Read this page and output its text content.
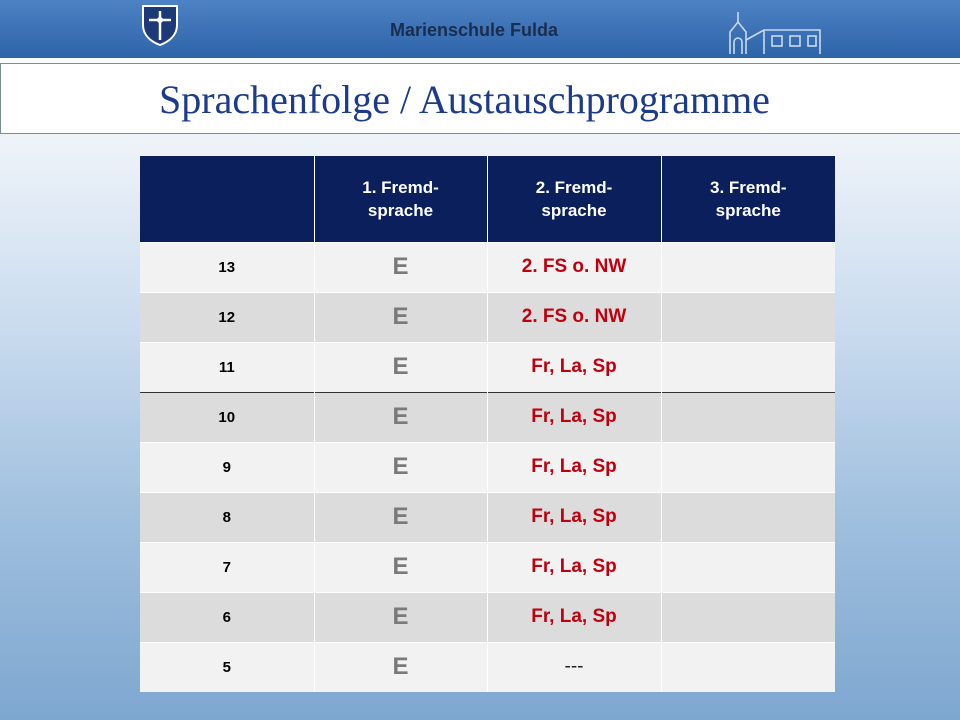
Marienschule Fulda
Sprachenfolge / Austauschprogramme
	1. Fremd-sprache	2. Fremd-sprache	3. Fremd-sprache
13	E	2. FS o. NW	
12	E	2. FS o. NW	
11	E	Fr, La, Sp	
10	E	Fr, La, Sp	
9	E	Fr, La, Sp	
8	E	Fr, La, Sp	
7	E	Fr, La, Sp	
6	E	Fr, La, Sp	
5	E	---	
